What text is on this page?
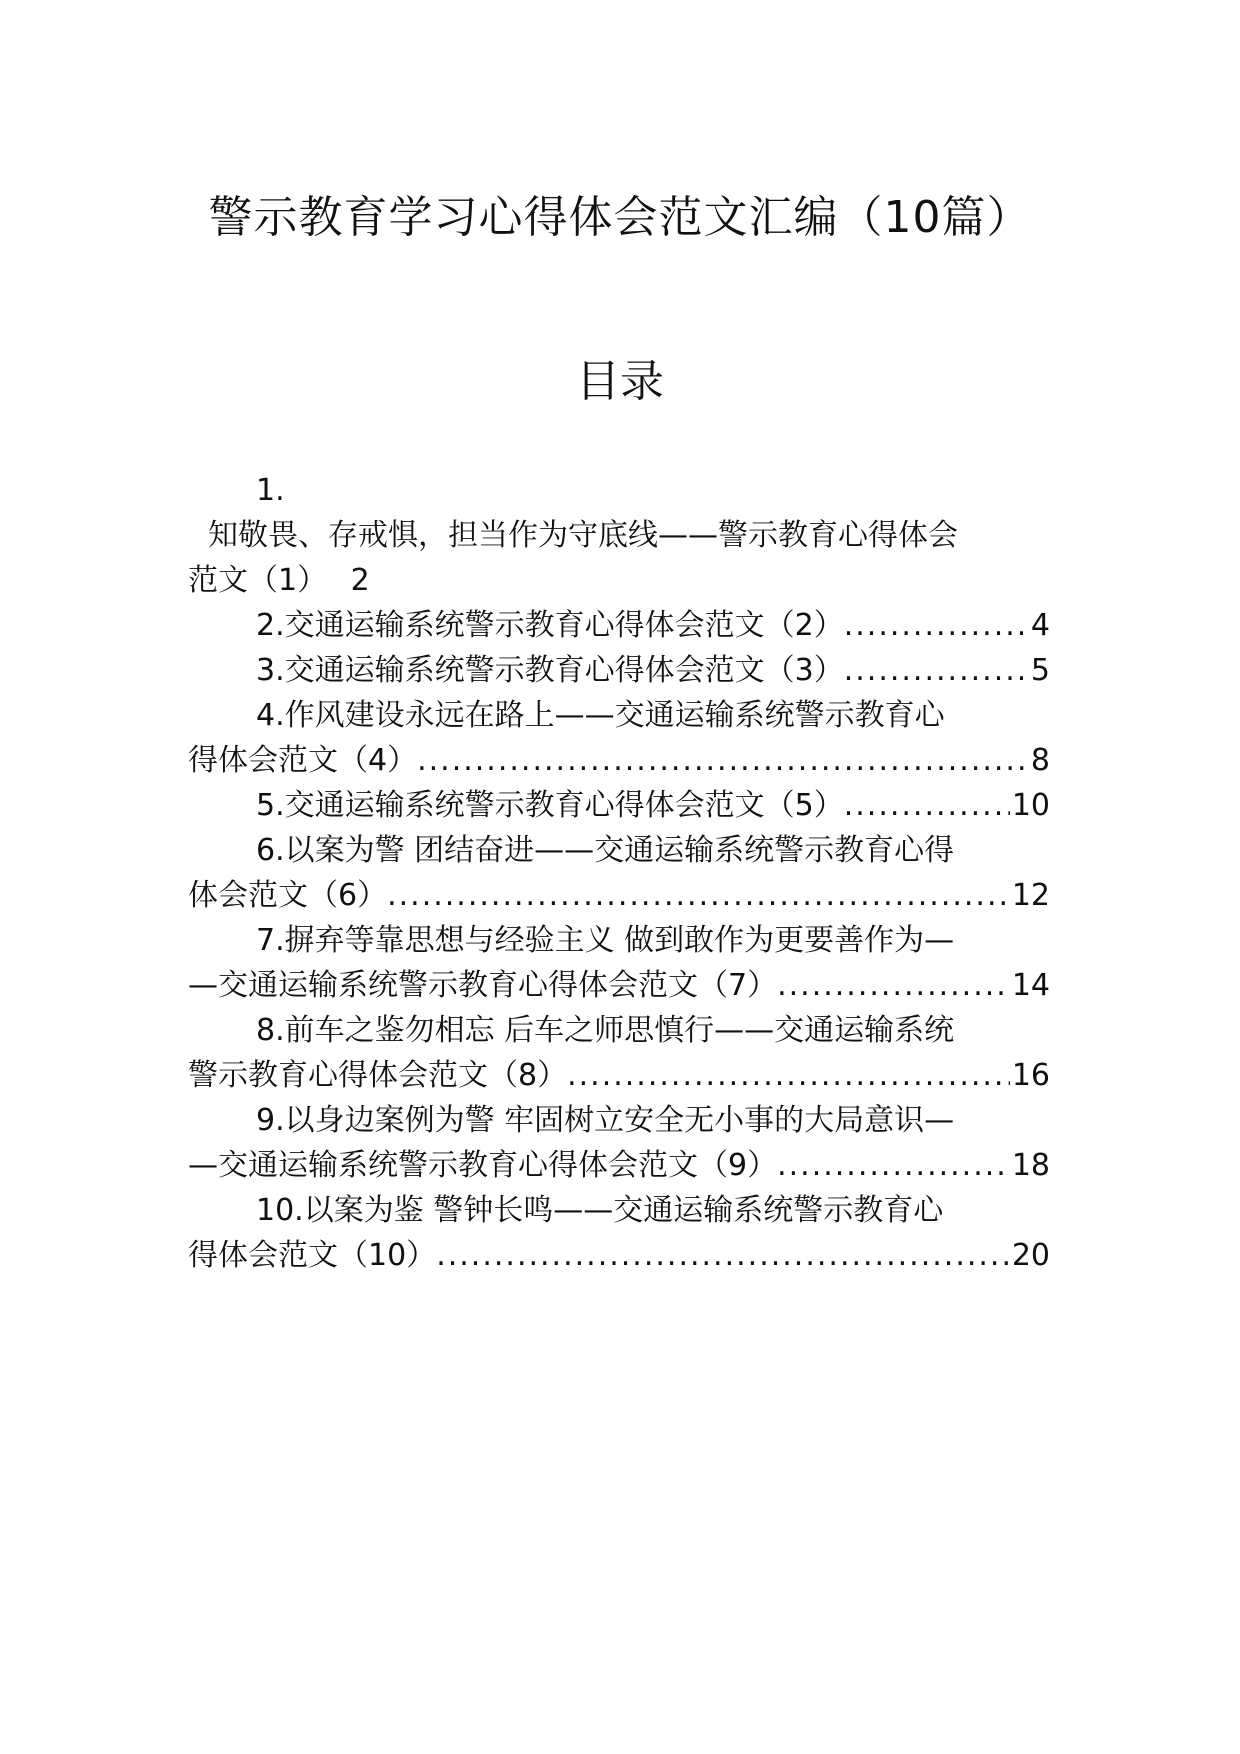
警示教育学习心得体会范文汇编（10篇）
目录
1.
知敬畏、存戒惧，担当作为守底线——警示教育心得体会
范文（1） 2
2.交通运输系统警示教育心得体会范文（2） .....	4
3.交通运输系统警示教育心得体会范文（3） .....	5
4.作风建设永远在路上——交通运输系统警示教育心
得体会范文（4） .....	8
5.交通运输系统警示教育心得体会范文（5） .....	10
6.以案为警 团结奋进——交通运输系统警示教育心得
体会范文（6） .....	12
7.摒弃等靠思想与经验主义 做到敢作为更要善作为—
—交通运输系统警示教育心得体会范文（7） .....	14
8.前车之鉴勿相忘 后车之师思慎行——交通运输系统
警示教育心得体会范文（8） .....	16
9.以身边案例为警 牢固树立安全无小事的大局意识—
—交通运输系统警示教育心得体会范文（9） .....	18
10.以案为鉴 警钟长鸣——交通运输系统警示教育心
得体会范文（10） .....	20
